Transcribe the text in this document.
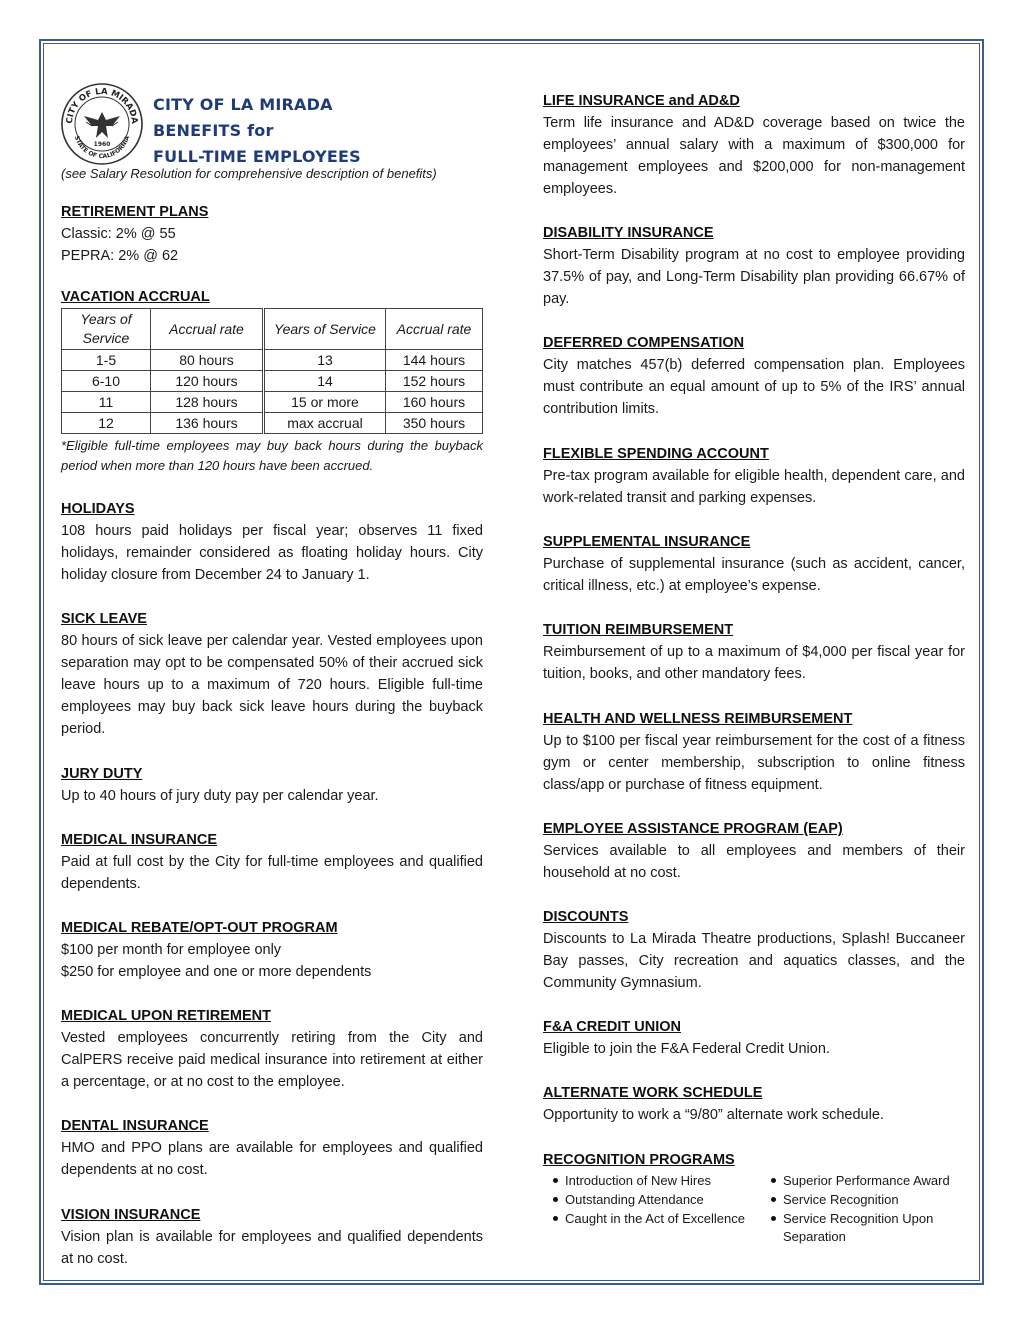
CITY OF LA MIRADA
STATE OF CALIFORNIA
1960
CITY OF LA MIRADA
BENEFITS for
FULL-TIME EMPLOYEES
(see Salary Resolution for comprehensive description of benefits)
RETIREMENT PLANS
Classic: 2% @ 55
PEPRA: 2% @ 62
VACATION ACCRUAL
Years of Service	Accrual rate
1-5	80 hours
6-10	120 hours
11	128 hours
12	136 hours
Years of Service	Accrual rate
13	144 hours
14	152 hours
15 or more	160 hours
max accrual	350 hours
*Eligible full-time employees may buy back hours during the buyback period when more than 120 hours have been accrued.
HOLIDAYS

108 hours paid holidays per fiscal year; observes 11 fixed holidays, remainder considered as floating holiday hours. City holiday closure from December 24 to January 1.

SICK LEAVE

80 hours of sick leave per calendar year. Vested employees upon separation may opt to be compensated 50% of their accrued sick leave hours up to a maximum of 720 hours. Eligible full-time employees may buy back sick leave hours during the buyback period.

JURY DUTY

Up to 40 hours of jury duty pay per calendar year.

MEDICAL INSURANCE

Paid at full cost by the City for full-time employees and qualified dependents.

MEDICAL REBATE/OPT-OUT PROGRAM
$100 per month for employee only
$250 for employee and one or more dependents
MEDICAL UPON RETIREMENT

Vested employees concurrently retiring from the City and CalPERS receive paid medical insurance into retirement at either a percentage, or at no cost to the employee.

DENTAL INSURANCE

HMO and PPO plans are available for employees and qualified dependents at no cost.

VISION INSURANCE

Vision plan is available for employees and qualified dependents at no cost.

LIFE INSURANCE and AD&D

Term life insurance and AD&D coverage based on twice the employees’ annual salary with a maximum of $300,000 for management employees and $200,000 for non-management employees.

DISABILITY INSURANCE

Short-Term Disability program at no cost to employee providing 37.5% of pay, and Long-Term Disability plan providing 66.67% of pay.

DEFERRED COMPENSATION

City matches 457(b) deferred compensation plan. Employees must contribute an equal amount of up to 5% of the IRS’ annual contribution limits.

FLEXIBLE SPENDING ACCOUNT

Pre-tax program available for eligible health, dependent care, and work-related transit and parking expenses.

SUPPLEMENTAL INSURANCE

Purchase of supplemental insurance (such as accident, cancer, critical illness, etc.) at employee’s expense.

TUITION REIMBURSEMENT

Reimbursement of up to a maximum of $4,000 per fiscal year for tuition, books, and other mandatory fees.

HEALTH AND WELLNESS REIMBURSEMENT

Up to $100 per fiscal year reimbursement for the cost of a fitness gym or center membership, subscription to online fitness class/app or purchase of fitness equipment.

EMPLOYEE ASSISTANCE PROGRAM (EAP)

Services available to all employees and members of their household at no cost.

DISCOUNTS

Discounts to La Mirada Theatre productions, Splash! Buccaneer Bay passes, City recreation and aquatics classes, and the Community Gymnasium.

F&A CREDIT UNION

Eligible to join the F&A Federal Credit Union.

ALTERNATE WORK SCHEDULE

Opportunity to work a “9/80” alternate work schedule.

RECOGNITION PROGRAMS
Introduction of New Hires
Outstanding Attendance
Caught in the Act of Excellence
Superior Performance Award
Service Recognition
Service Recognition Upon Separation
